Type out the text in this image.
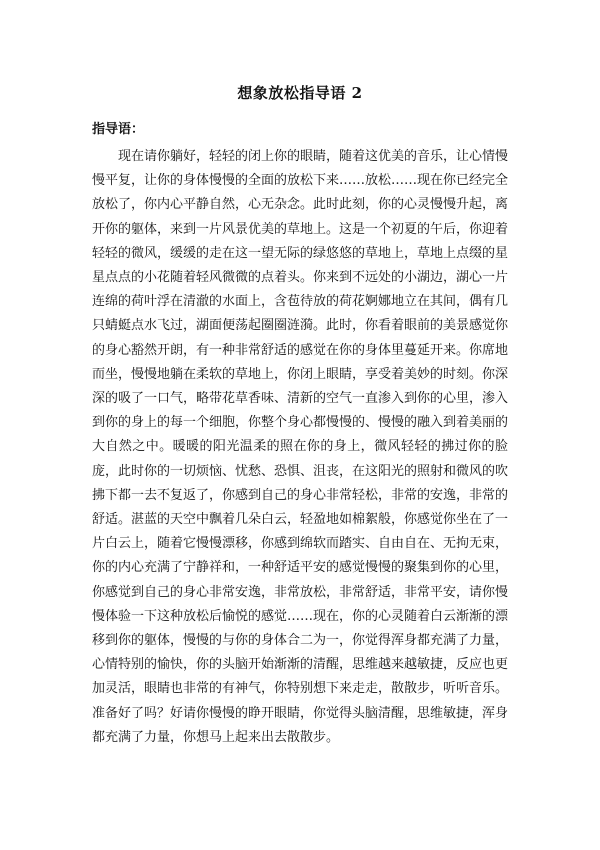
想象放松指导语 2

指导语：

现在请你躺好，轻轻的闭上你的眼睛，随着这优美的音乐，让心情慢慢平复，让你的身体慢慢的全面的放松下来……放松……现在你已经完全放松了，你内心平静自然，心无杂念。此时此刻，你的心灵慢慢升起，离开你的躯体，来到一片风景优美的草地上。这是一个初夏的午后，你迎着轻轻的微风，缓缓的走在这一望无际的绿悠悠的草地上，草地上点缀的星星点点的小花随着轻风微微的点着头。你来到不远处的小湖边，湖心一片连绵的荷叶浮在清澈的水面上，含苞待放的荷花婀娜地立在其间，偶有几只蜻蜓点水飞过，湖面便荡起圈圈涟漪。此时，你看着眼前的美景感觉你的身心豁然开朗，有一种非常舒适的感觉在你的身体里蔓延开来。你席地而坐，慢慢地躺在柔软的草地上，你闭上眼睛，享受着美妙的时刻。你深深的吸了一口气，略带花草香味、清新的空气一直渗入到你的心里，渗入到你的身上的每一个细胞，你整个身心都慢慢的、慢慢的融入到着美丽的大自然之中。暖暖的阳光温柔的照在你的身上，微风轻轻的拂过你的脸庞，此时你的一切烦恼、忧愁、恐惧、沮丧，在这阳光的照射和微风的吹拂下都一去不复返了，你感到自己的身心非常轻松，非常的安逸，非常的舒适。湛蓝的天空中飘着几朵白云，轻盈地如棉絮般，你感觉你坐在了一片白云上，随着它慢慢漂移，你感到绵软而踏实、自由自在、无拘无束，你的内心充满了宁静祥和，一种舒适平安的感觉慢慢的聚集到你的心里，你感觉到自己的身心非常安逸，非常放松，非常舒适，非常平安，请你慢慢体验一下这种放松后愉悦的感觉……现在，你的心灵随着白云渐渐的漂移到你的躯体，慢慢的与你的身体合二为一，你觉得浑身都充满了力量，心情特别的愉快，你的头脑开始渐渐的清醒，思维越来越敏捷，反应也更加灵活，眼睛也非常的有神气，你特别想下来走走，散散步，听听音乐。准备好了吗？好请你慢慢的睁开眼睛，你觉得头脑清醒，思维敏捷，浑身都充满了力量，你想马上起来出去散散步。
